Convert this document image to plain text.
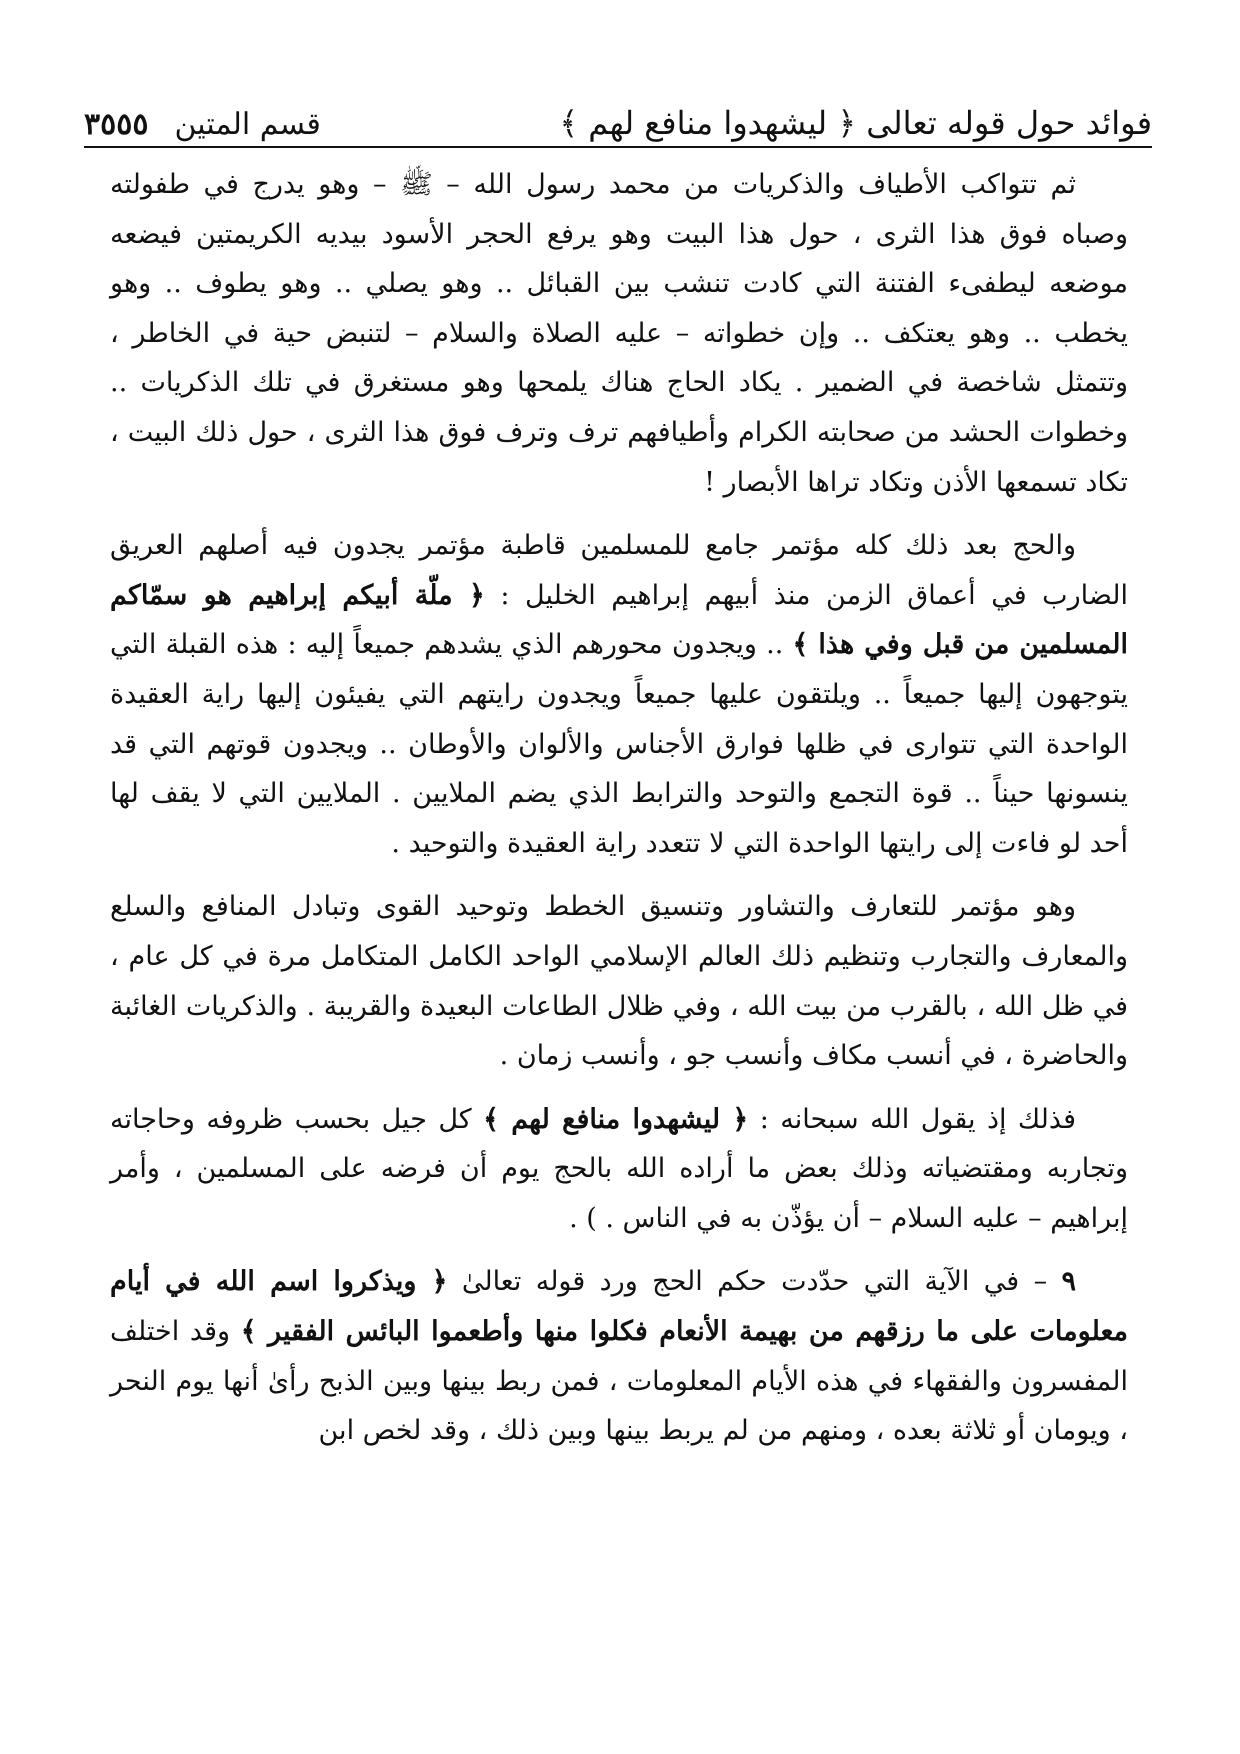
فوائد حول قوله تعالى ﴿ ليشهدوا منافع لهم ﴾
قسم المتين
٣٥٥٥

ثم تتواكب الأطياف والذكريات من محمد رسول الله – ﷺ – وهو يدرج في طفولته وصباه فوق هذا الثرى ، حول هذا البيت وهو يرفع الحجر الأسود بيديه الكريمتين فيضعه موضعه ليطفىء الفتنة التي كادت تنشب بين القبائل .. وهو يصلي .. وهو يطوف .. وهو يخطب .. وهو يعتكف .. وإن خطواته – عليه الصلاة والسلام – لتنبض حية في الخاطر ، وتتمثل شاخصة في الضمير . يكاد الحاج هناك يلمحها وهو مستغرق في تلك الذكريات .. وخطوات الحشد من صحابته الكرام وأطيافهم ترف وترف فوق هذا الثرى ، حول ذلك البيت ، تكاد تسمعها الأذن وتكاد تراها الأبصار !

والحج بعد ذلك كله مؤتمر جامع للمسلمين قاطبة مؤتمر يجدون فيه أصلهم العريق الضارب في أعماق الزمن منذ أبيهم إبراهيم الخليل : ﴿ ملّة أبيكم إبراهيم هو سمّاكم المسلمين من قبل وفي هذا ﴾ .. ويجدون محورهم الذي يشدهم جميعاً إليه : هذه القبلة التي يتوجهون إليها جميعاً .. ويلتقون عليها جميعاً ويجدون رايتهم التي يفيئون إليها راية العقيدة الواحدة التي تتوارى في ظلها فوارق الأجناس والألوان والأوطان .. ويجدون قوتهم التي قد ينسونها حيناً .. قوة التجمع والتوحد والترابط الذي يضم الملايين . الملايين التي لا يقف لها أحد لو فاءت إلى رايتها الواحدة التي لا تتعدد راية العقيدة والتوحيد .

وهو مؤتمر للتعارف والتشاور وتنسيق الخطط وتوحيد القوى وتبادل المنافع والسلع والمعارف والتجارب وتنظيم ذلك العالم الإسلامي الواحد الكامل المتكامل مرة في كل عام ، في ظل الله ، بالقرب من بيت الله ، وفي ظلال الطاعات البعيدة والقريبة . والذكريات الغائبة والحاضرة ، في أنسب مكاف وأنسب جو ، وأنسب زمان .

فذلك إذ يقول الله سبحانه : ﴿ ليشهدوا منافع لهم ﴾ كل جيل بحسب ظروفه وحاجاته وتجاربه ومقتضياته وذلك بعض ما أراده الله بالحج يوم أن فرضه على المسلمين ، وأمر إبراهيم – عليه السلام – أن يؤذّن به في الناس . ) .

٩ – في الآية التي حدّدت حكم الحج ورد قوله تعالىٰ ﴿ ويذكروا اسم الله في أيام معلومات على ما رزقهم من بهيمة الأنعام فكلوا منها وأطعموا البائس الفقير ﴾ وقد اختلف المفسرون والفقهاء في هذه الأيام المعلومات ، فمن ربط بينها وبين الذبح رأىٰ أنها يوم النحر ، ويومان أو ثلاثة بعده ، ومنهم من لم يربط بينها وبين ذلك ، وقد لخص ابن
